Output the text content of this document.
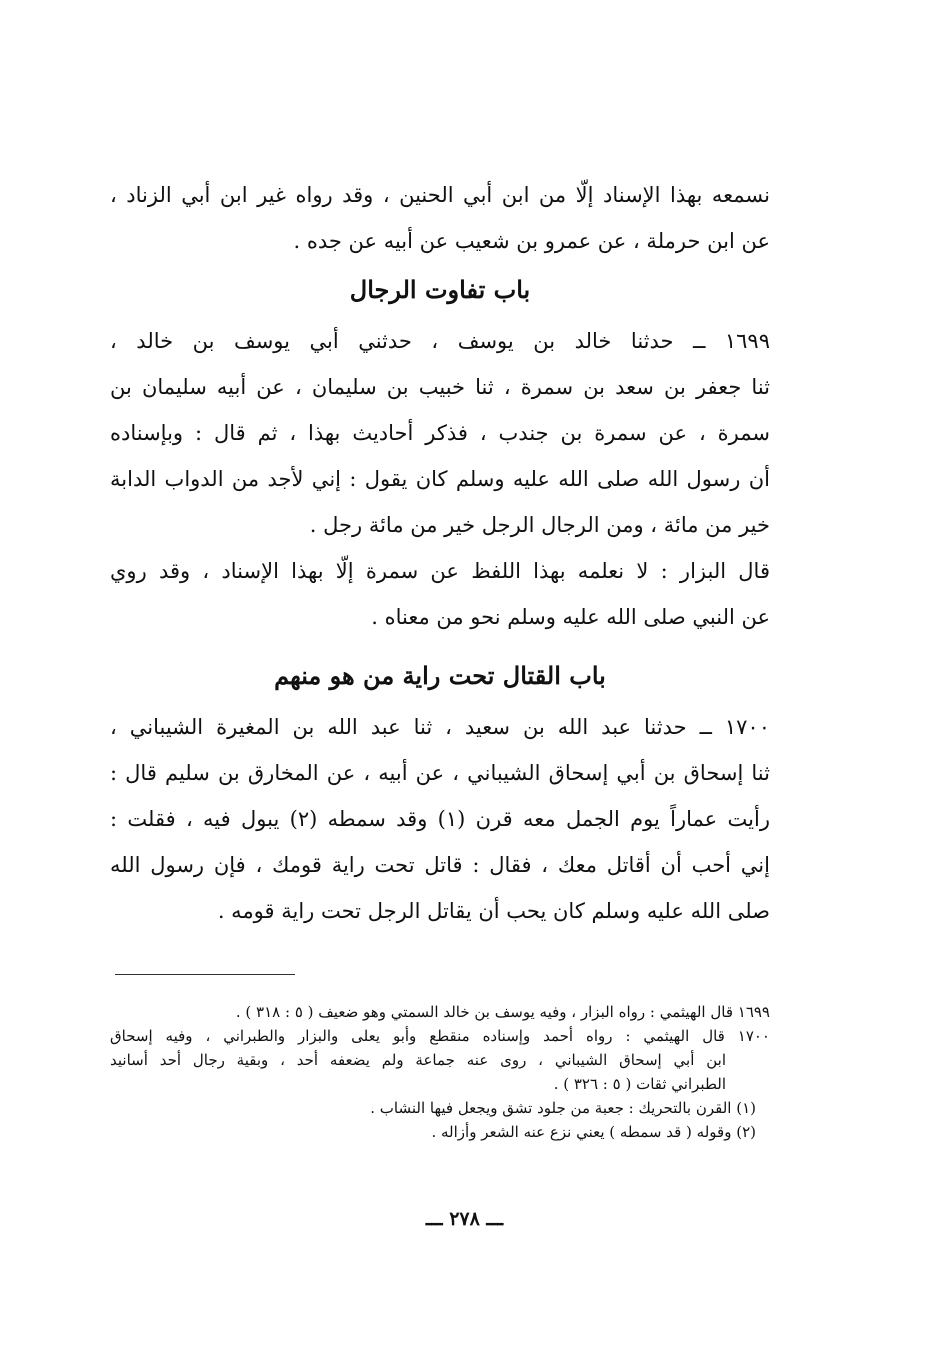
نسمعه بهذا الإسناد إلّا من ابن أبي الحنين ، وقد رواه غير ابن أبي الزناد ،
عن ابن حرملة ، عن عمرو بن شعيب عن أبيه عن جده .
باب تفاوت الرجال
١٦٩٩ ــ حدثنا خالد بن يوسف ، حدثني أبي يوسف بن خالد ،
ثنا جعفر بن سعد بن سمرة ، ثنا خبيب بن سليمان ، عن أبيه سليمان بن
سمرة ، عن سمرة بن جندب ، فذكر أحاديث بهذا ، ثم قال : وبإسناده
أن رسول الله صلى الله عليه وسلم كان يقول : إني لأجد من الدواب الدابة
خير من مائة ، ومن الرجال الرجل خير من مائة رجل .
قال البزار : لا نعلمه بهذا اللفظ عن سمرة إلّا بهذا الإسناد ، وقد روي
عن النبي صلى الله عليه وسلم نحو من معناه .
باب القتال تحت راية من هو منهم
١٧٠٠ ــ حدثنا عبد الله بن سعيد ، ثنا عبد الله بن المغيرة الشيباني ،
ثنا إسحاق بن أبي إسحاق الشيباني ، عن أبيه ، عن المخارق بن سليم قال :
رأيت عماراً يوم الجمل معه قرن (١) وقد سمطه (٢) يبول فيه ، فقلت :
إني أحب أن أقاتل معك ، فقال : قاتل تحت راية قومك ، فإن رسول الله
صلى الله عليه وسلم كان يحب أن يقاتل الرجل تحت راية قومه .
١٦٩٩ قال الهيثمي : رواه البزار ، وفيه يوسف بن خالد السمتي وهو ضعيف ( ٥ : ٣١٨ ) .
١٧٠٠ قال الهيثمي : رواه أحمد وإسناده منقطع وأبو يعلى والبزار والطبراني ، وفيه إسحاق
ابن أبي إسحاق الشيباني ، روى عنه جماعة ولم يضعفه أحد ، وبقية رجال أحد أسانيد
الطبراني ثقات ( ٥ : ٣٢٦ ) .
(١) القرن بالتحريك : جعبة من جلود تشق ويجعل فيها النشاب .
(٢) وقوله ( قد سمطه ) يعني نزع عنه الشعر وأزاله .
ـــ ٢٧٨ ـــ
